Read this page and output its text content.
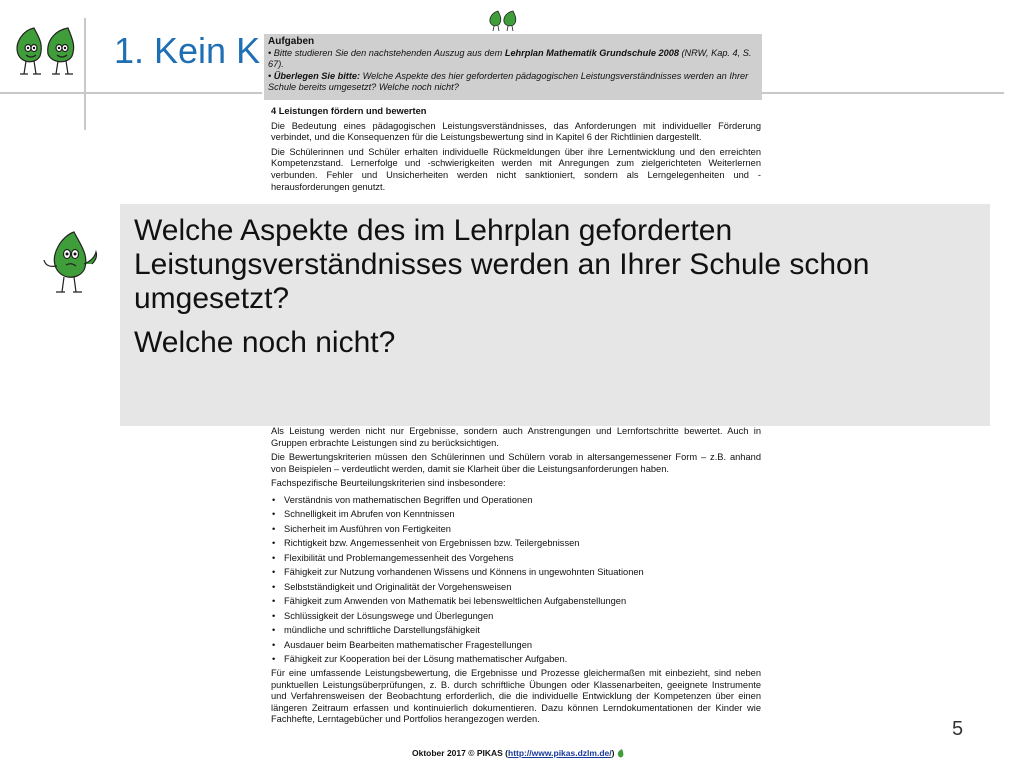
1. Kein K Aufgaben
• Bitte studieren Sie den nachstehenden Auszug aus dem Lehrplan Mathematik Grundschule 2008 (NRW, Kap. 4, S. 67).
• Überlegen Sie bitte: Welche Aspekte des hier geforderten pädagogischen Leistungsverständnisses werden an Ihrer Schule bereits umgesetzt? Welche noch nicht?
4 Leistungen fördern und bewerten

Die Bedeutung eines pädagogischen Leistungsverständnisses, das Anforderungen mit individueller Förderung verbindet, und die Konsequenzen für die Leistungsbewertung sind in Kapitel 6 der Richtlinien dargestellt.

Die Schülerinnen und Schüler erhalten individuelle Rückmeldungen über ihre Lernentwicklung und den erreichten Kompetenzstand. Lernerfolge und -schwierigkeiten werden mit Anregungen zum zielgerichteten Weiterlernen verbunden. Fehler und Unsicherheiten werden nicht sanktioniert, sondern als Lerngelegenheiten und -herausforderungen genutzt.

Als Leistung werden nicht nur Ergebnisse, sondern auch Anstrengungen und Lernfortschritte bewertet. Auch in Gruppen erbrachte Leistungen sind zu berücksichtigen.

Die Bewertungskriterien müssen den Schülerinnen und Schülern vorab in altersangemessener Form – z.B. anhand von Beispielen – verdeutlicht werden, damit sie Klarheit über die Leistungsanforderungen haben.

Fachspezifische Beurteilungskriterien sind insbesondere:

• Verständnis von mathematischen Begriffen und Operationen
• Schnelligkeit im Abrufen von Kenntnissen
• Sicherheit im Ausführen von Fertigkeiten
• Richtigkeit bzw. Angemessenheit von Ergebnissen bzw. Teilergebnissen
• Flexibilität und Problemangemessenheit des Vorgehens
• Fähigkeit zur Nutzung vorhandenen Wissens und Könnens in ungewohnten Situationen
• Selbstständigkeit und Originalität der Vorgehensweisen
• Fähigkeit zum Anwenden von Mathematik bei lebensweltlichen Aufgabenstellungen
• Schlüssigkeit der Lösungswege und Überlegungen
• mündliche und schriftliche Darstellungsfähigkeit
• Ausdauer beim Bearbeiten mathematischer Fragestellungen
• Fähigkeit zur Kooperation bei der Lösung mathematischer Aufgaben.

Für eine umfassende Leistungsbewertung, die Ergebnisse und Prozesse gleichermaßen mit einbezieht, sind neben punktuellen Leistungsüberprüfungen, z. B. durch schriftliche Übungen oder Klassenarbeiten, geeignete Instrumente und Verfahrensweisen der Beobachtung erforderlich, die die individuelle Entwicklung der Kompetenzen über einen längeren Zeitraum erfassen und kontinuierlich dokumentieren. Dazu können Lerndokumentationen der Kinder wie Fachhefte, Lerntagebücher und Portfolios herangezogen werden.

Oktober 2017 © PIKAS (http://www.pikas.dzlm.de/)

Welche Aspekte des im Lehrplan geforderten Leistungsverständnisses werden an Ihrer Schule schon umgesetzt?

Welche noch nicht?

5
